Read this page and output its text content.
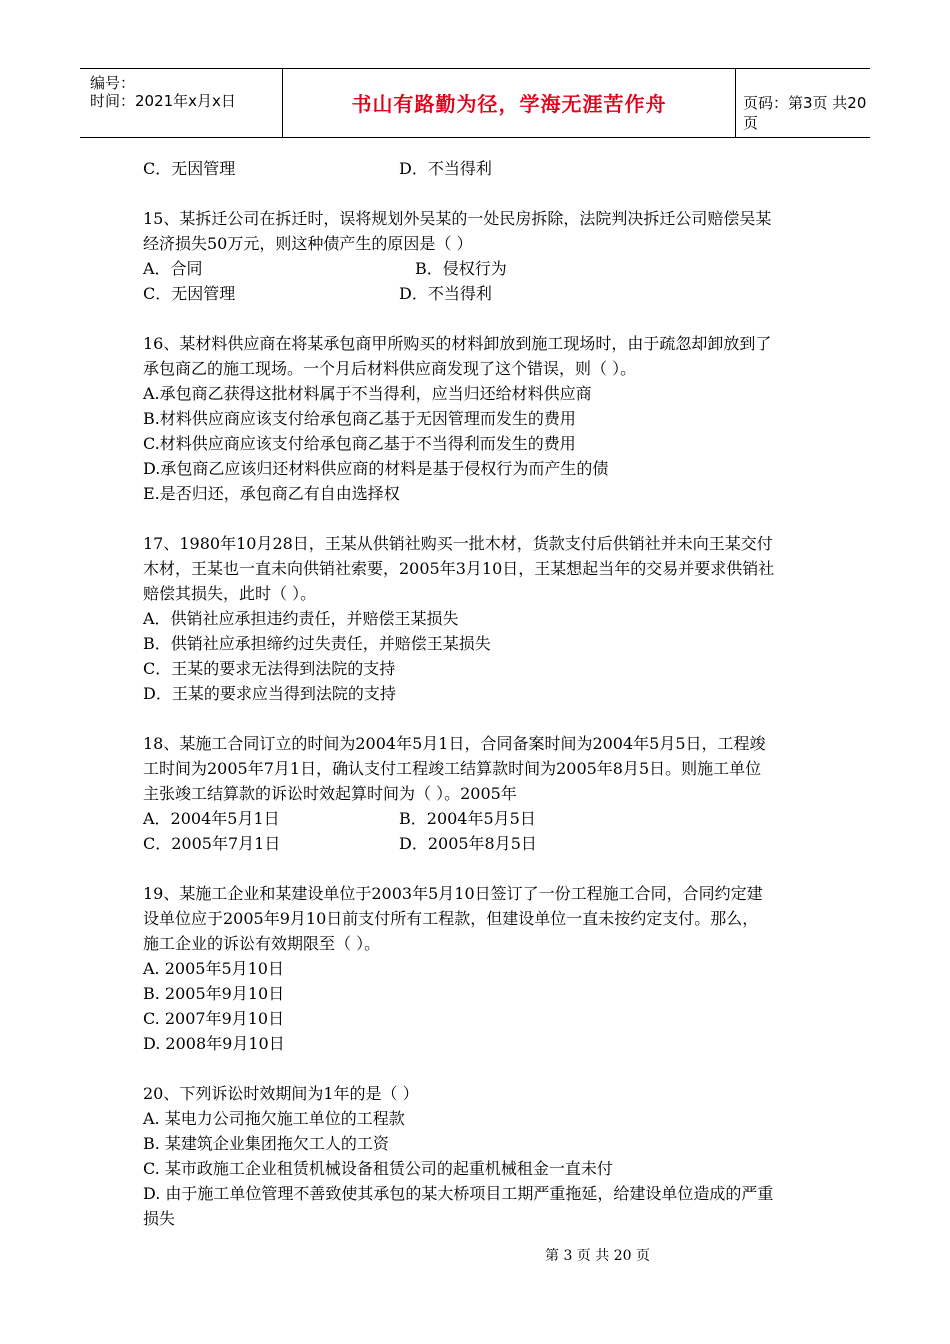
编号：
时间：2021年x月x日	书山有路勤为径，学海无涯苦作舟	页码：第3页 共20页
C．无因管理	D．不当得利
15、某拆迁公司在拆迁时，误将规划外吴某的一处民房拆除，法院判决拆迁公司赔偿吴某
经济损失50万元，则这种债产生的原因是（ ）
A．合同	B．侵权行为
C．无因管理	D．不当得利
16、某材料供应商在将某承包商甲所购买的材料卸放到施工现场时，由于疏忽却卸放到了
承包商乙的施工现场。一个月后材料供应商发现了这个错误，则（ ）。
A.承包商乙获得这批材料属于不当得利，应当归还给材料供应商
B.材料供应商应该支付给承包商乙基于无因管理而发生的费用
C.材料供应商应该支付给承包商乙基于不当得利而发生的费用
D.承包商乙应该归还材料供应商的材料是基于侵权行为而产生的债
E.是否归还，承包商乙有自由选择权
17、1980年10月28日，王某从供销社购买一批木材，货款支付后供销社并未向王某交付
木材，王某也一直未向供销社索要，2005年3月10日，王某想起当年的交易并要求供销社
赔偿其损失，此时（ ）。
A．供销社应承担违约责任，并赔偿王某损失
B．供销社应承担缔约过失责任，并赔偿王某损失
C．王某的要求无法得到法院的支持
D．王某的要求应当得到法院的支持
18、某施工合同订立的时间为2004年5月1日，合同备案时间为2004年5月5日，工程竣
工时间为2005年7月1日，确认支付工程竣工结算款时间为2005年8月5日。则施工单位
主张竣工结算款的诉讼时效起算时间为（ ）。2005年
A．2004年5月1日	B．2004年5月5日
C．2005年7月1日	D．2005年8月5日
19、某施工企业和某建设单位于2003年5月10日签订了一份工程施工合同，合同约定建
设单位应于2005年9月10日前支付所有工程款，但建设单位一直未按约定支付。那么，
施工企业的诉讼有效期限至（ ）。
A. 2005年5月10日
B. 2005年9月10日
C. 2007年9月10日
D. 2008年9月10日
20、下列诉讼时效期间为1年的是（ ）
A. 某电力公司拖欠施工单位的工程款
B. 某建筑企业集团拖欠工人的工资
C. 某市政施工企业租赁机械设备租赁公司的起重机械租金一直未付
D. 由于施工单位管理不善致使其承包的某大桥项目工期严重拖延，给建设单位造成的严重
损失
第 3 页 共 20 页
